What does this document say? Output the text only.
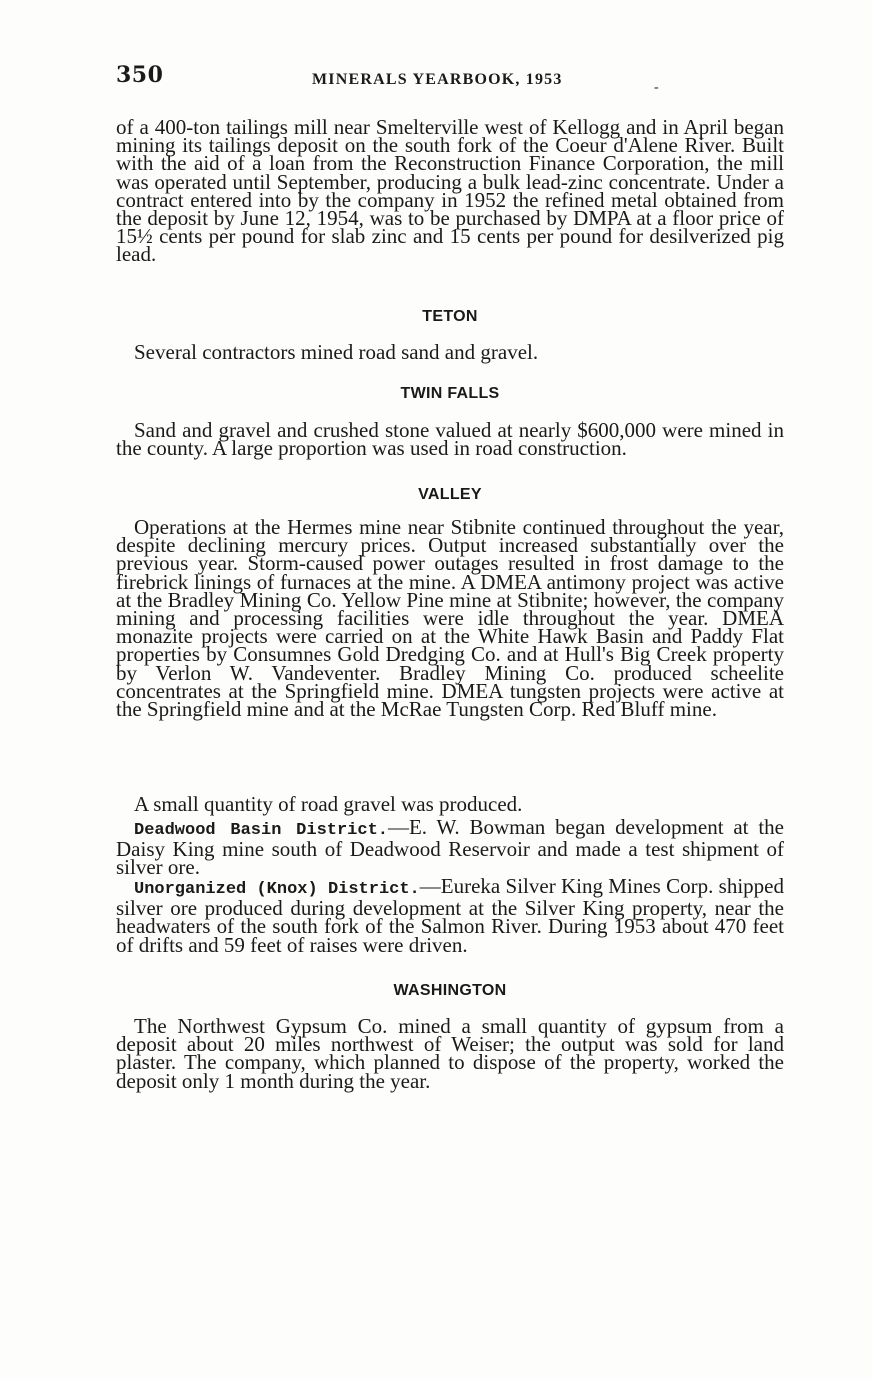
350	MINERALS YEARBOOK, 1953	‑

of a 400-ton tailings mill near Smelterville west of Kellogg and in April began mining its tailings deposit on the south fork of the Coeur d'Alene River. Built with the aid of a loan from the Reconstruction Finance Corporation, the mill was operated until September, producing a bulk lead-zinc concentrate. Under a contract entered into by the company in 1952 the refined metal obtained from the deposit by June 12, 1954, was to be purchased by DMPA at a floor price of 15½ cents per pound for slab zinc and 15 cents per pound for desilverized pig lead.

TETON

Several contractors mined road sand and gravel.

TWIN FALLS

Sand and gravel and crushed stone valued at nearly $600,000 were mined in the county. A large proportion was used in road construction.

VALLEY

Operations at the Hermes mine near Stibnite continued throughout the year, despite declining mercury prices. Output increased substantially over the previous year. Storm-caused power outages resulted in frost damage to the firebrick linings of furnaces at the mine. A DMEA antimony project was active at the Bradley Mining Co. Yellow Pine mine at Stibnite; however, the company mining and processing facilities were idle throughout the year. DMEA monazite projects were carried on at the White Hawk Basin and Paddy Flat properties by Consumnes Gold Dredging Co. and at Hull's Big Creek property by Verlon W. Vandeventer. Bradley Mining Co. produced scheelite concentrates at the Springfield mine. DMEA tungsten projects were active at the Springfield mine and at the McRae Tungsten Corp. Red Bluff mine.

A small quantity of road gravel was produced.

Deadwood Basin District.—E. W. Bowman began development at the Daisy King mine south of Deadwood Reservoir and made a test shipment of silver ore.

Unorganized (Knox) District.—Eureka Silver King Mines Corp. shipped silver ore produced during development at the Silver King property, near the headwaters of the south fork of the Salmon River. During 1953 about 470 feet of drifts and 59 feet of raises were driven.

WASHINGTON

The Northwest Gypsum Co. mined a small quantity of gypsum from a deposit about 20 miles northwest of Weiser; the output was sold for land plaster. The company, which planned to dispose of the property, worked the deposit only 1 month during the year.
